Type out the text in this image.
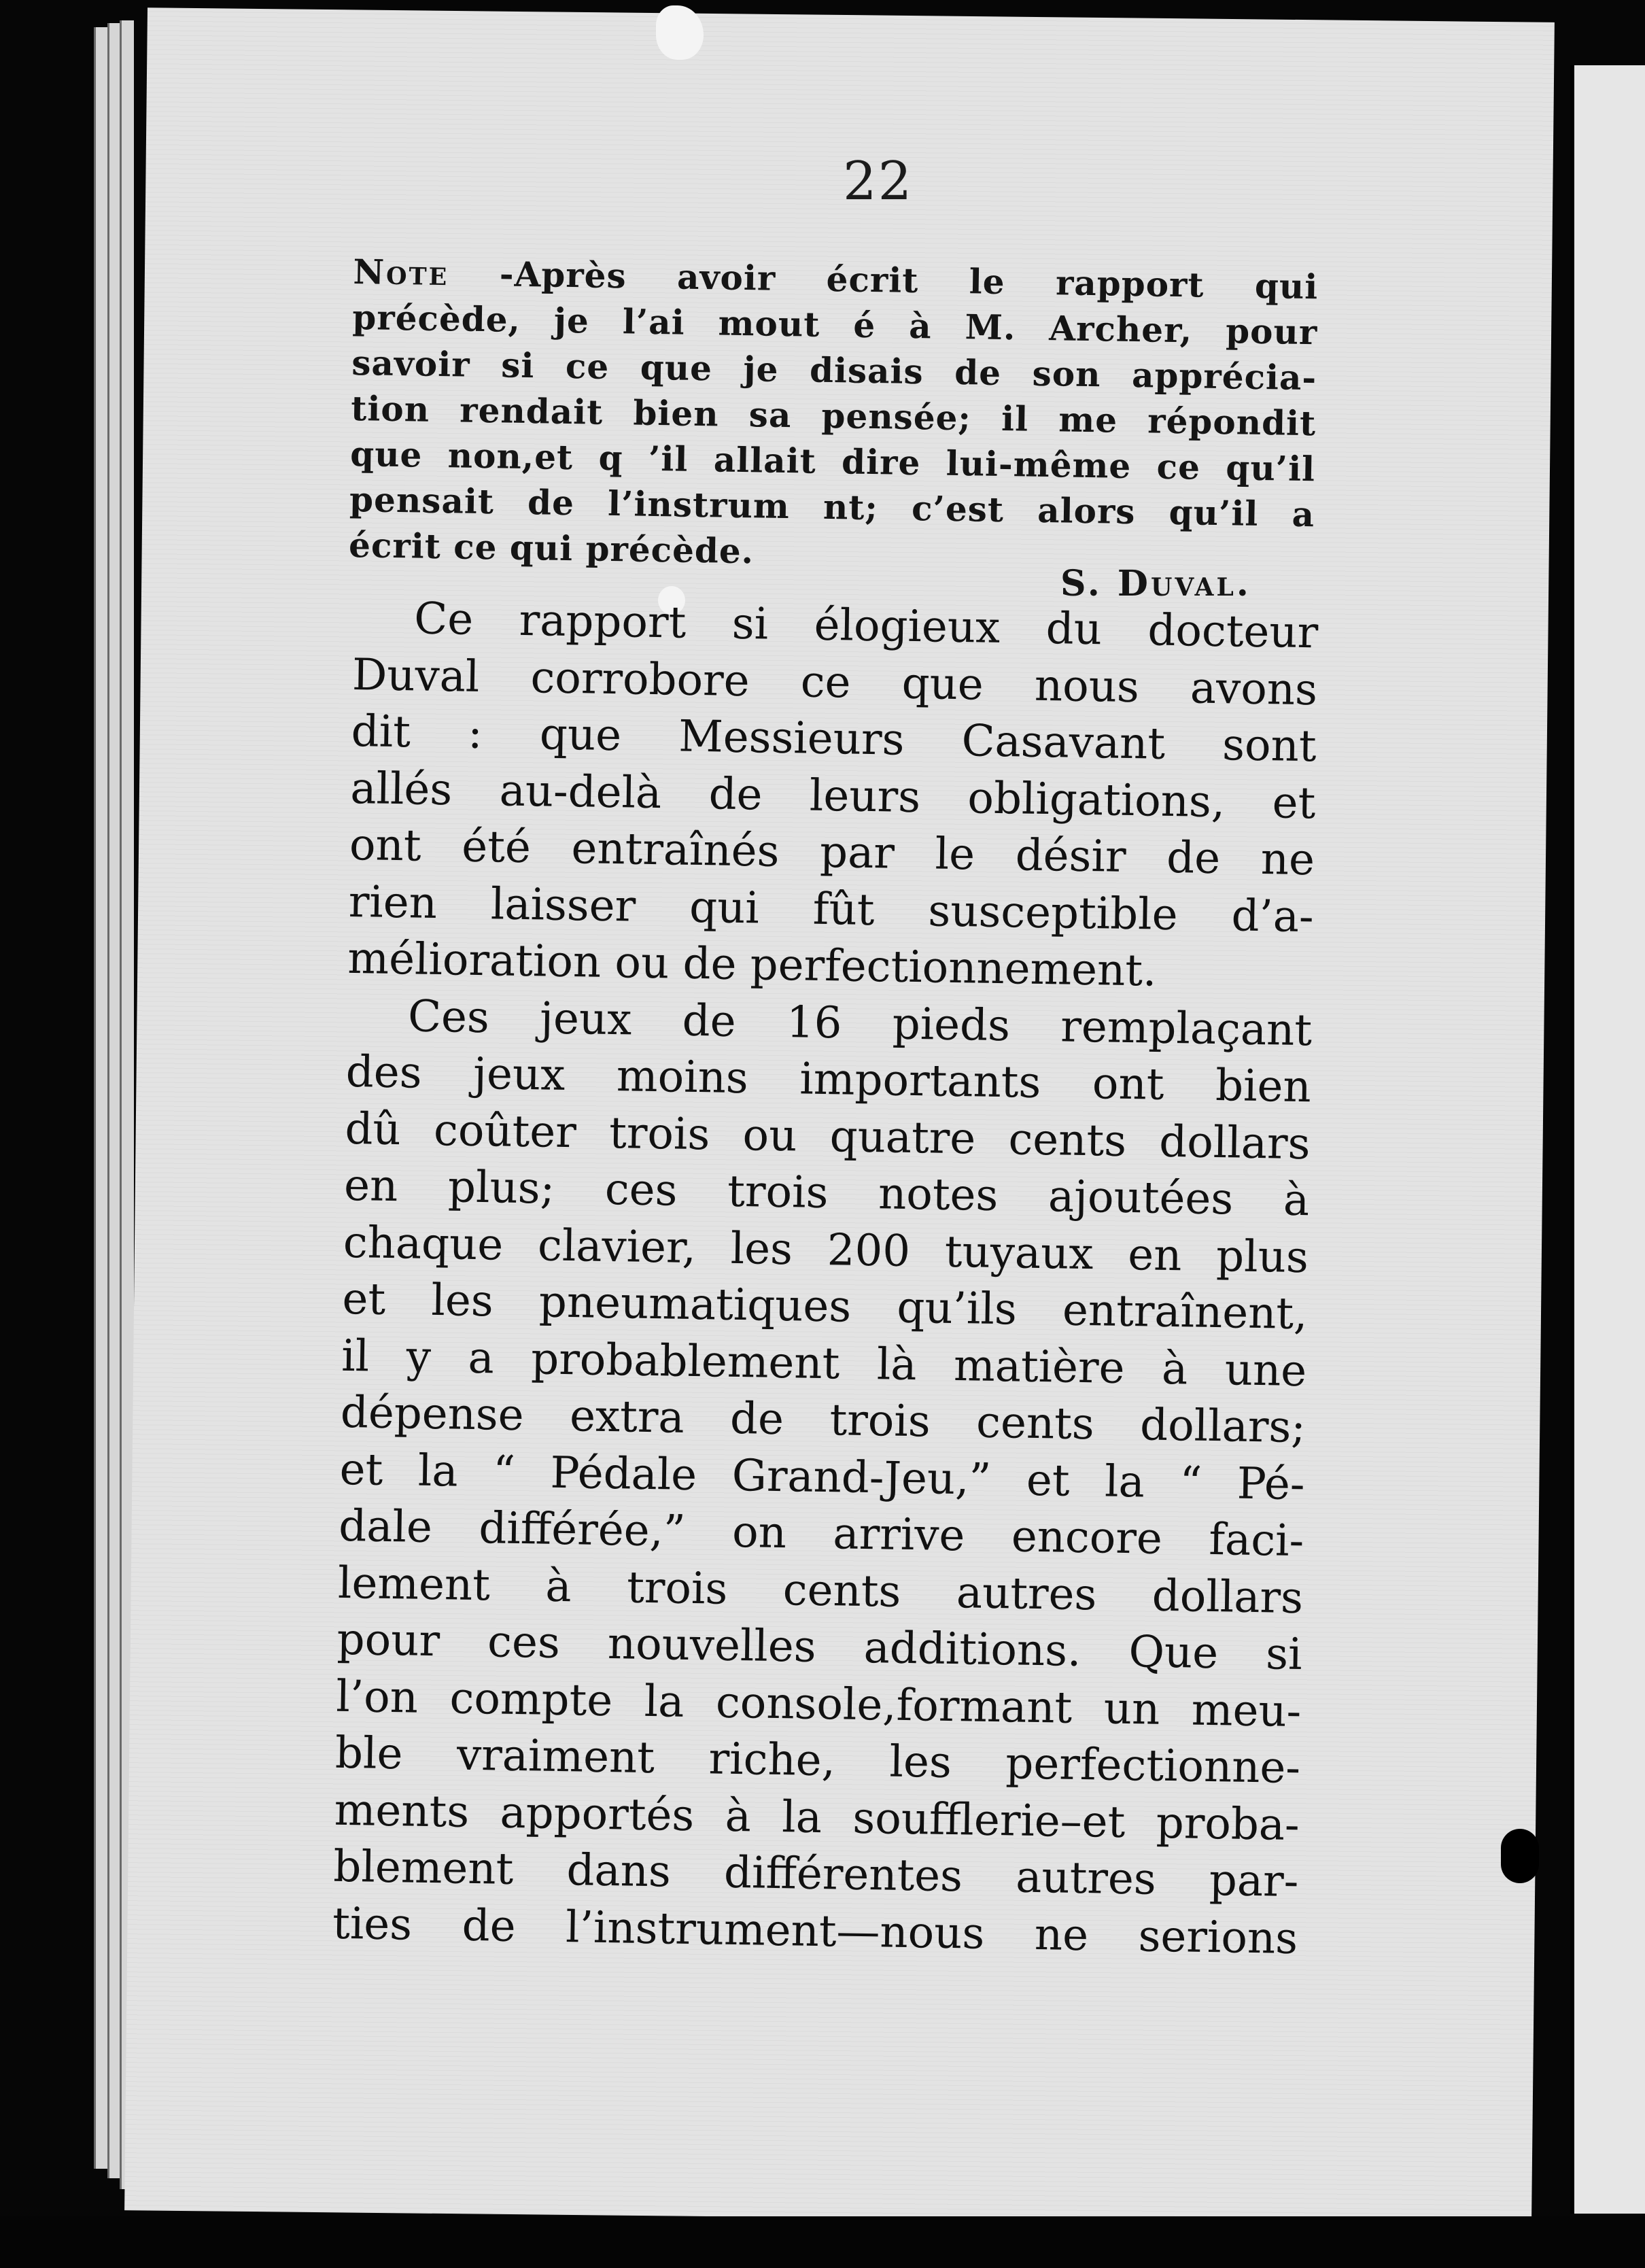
22
Note -Après avoir écrit le rapport qui
précède, je l’ai mout é à M. Archer, pour
savoir si ce que je disais de son apprécia-
tion rendait bien sa pensée; il me répondit
que non,et q ’il allait dire lui-même ce qu’il
pensait de l’instrum nt; c’est alors qu’il a
écrit ce qui précède.
S. Duval.
Ce rapport si élogieux du docteur
Duval corrobore ce que nous avons
dit : que Messieurs Casavant sont
allés au-delà de leurs obligations, et
ont été entraînés par le désir de ne
rien laisser qui fût susceptible d’a-
mélioration ou de perfectionnement.
Ces jeux de 16 pieds remplaçant
des jeux moins importants ont bien
dû coûter trois ou quatre cents dollars
en plus; ces trois notes ajoutées à
chaque clavier, les 200 tuyaux en plus
et les pneumatiques qu’ils entraînent,
il y a probablement là matière à une
dépense extra de trois cents dollars;
et la “ Pédale Grand-Jeu,” et la “ Pé-
dale différée,” on arrive encore faci-
lement à trois cents autres dollars
pour ces nouvelles additions. Que si
l’on compte la console,formant un meu-
ble vraiment riche, les perfectionne-
ments apportés à la soufflerie–et proba-
blement dans différentes autres par-
ties de l’instrument—nous ne serions
